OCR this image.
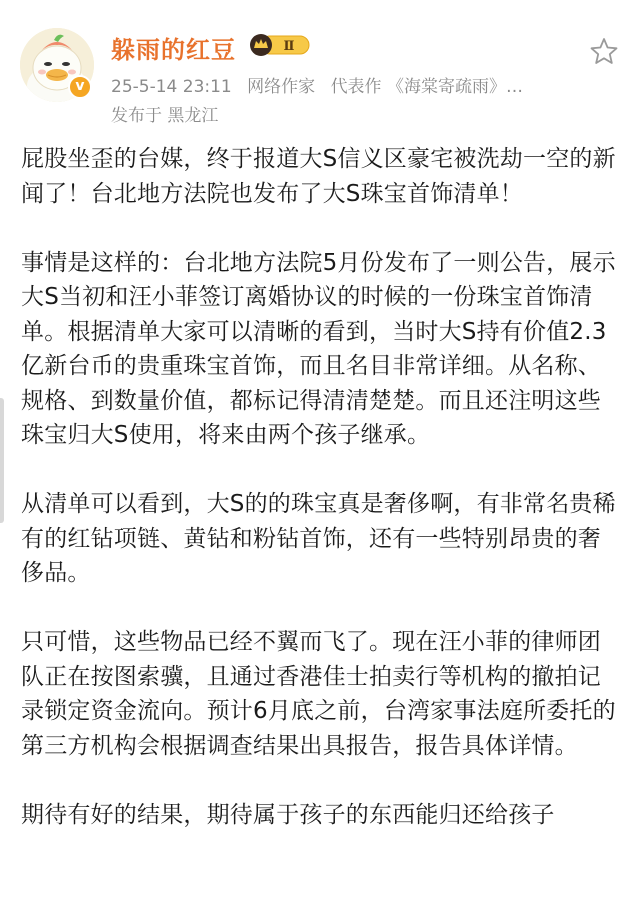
v
躲雨的红豆	Ⅱ
25-5-14 23:11 网络作家 代表作 《海棠寄疏雨》…
发布于 黑龙江

屁股坐歪的台媒，终于报道大S信义区豪宅被洗劫一空的新闻了！台北地方法院也发布了大S珠宝首饰清单！

事情是这样的：台北地方法院5月份发布了一则公告，展示大S当初和汪小菲签订离婚协议的时候的一份珠宝首饰清单。根据清单大家可以清晰的看到，当时大S持有价值2.3亿新台币的贵重珠宝首饰，而且名目非常详细。从名称、规格、到数量价值，都标记得清清楚楚。而且还注明这些珠宝归大S使用，将来由两个孩子继承。

从清单可以看到，大S的的珠宝真是奢侈啊，有非常名贵稀有的红钻项链、黄钻和粉钻首饰，还有一些特别昂贵的奢侈品。

只可惜，这些物品已经不翼而飞了。现在汪小菲的律师团队正在按图索骥，且通过香港佳士拍卖行等机构的撤拍记录锁定资金流向。预计6月底之前，台湾家事法庭所委托的第三方机构会根据调查结果出具报告，报告具体详情。

期待有好的结果，期待属于孩子的东西能归还给孩子
